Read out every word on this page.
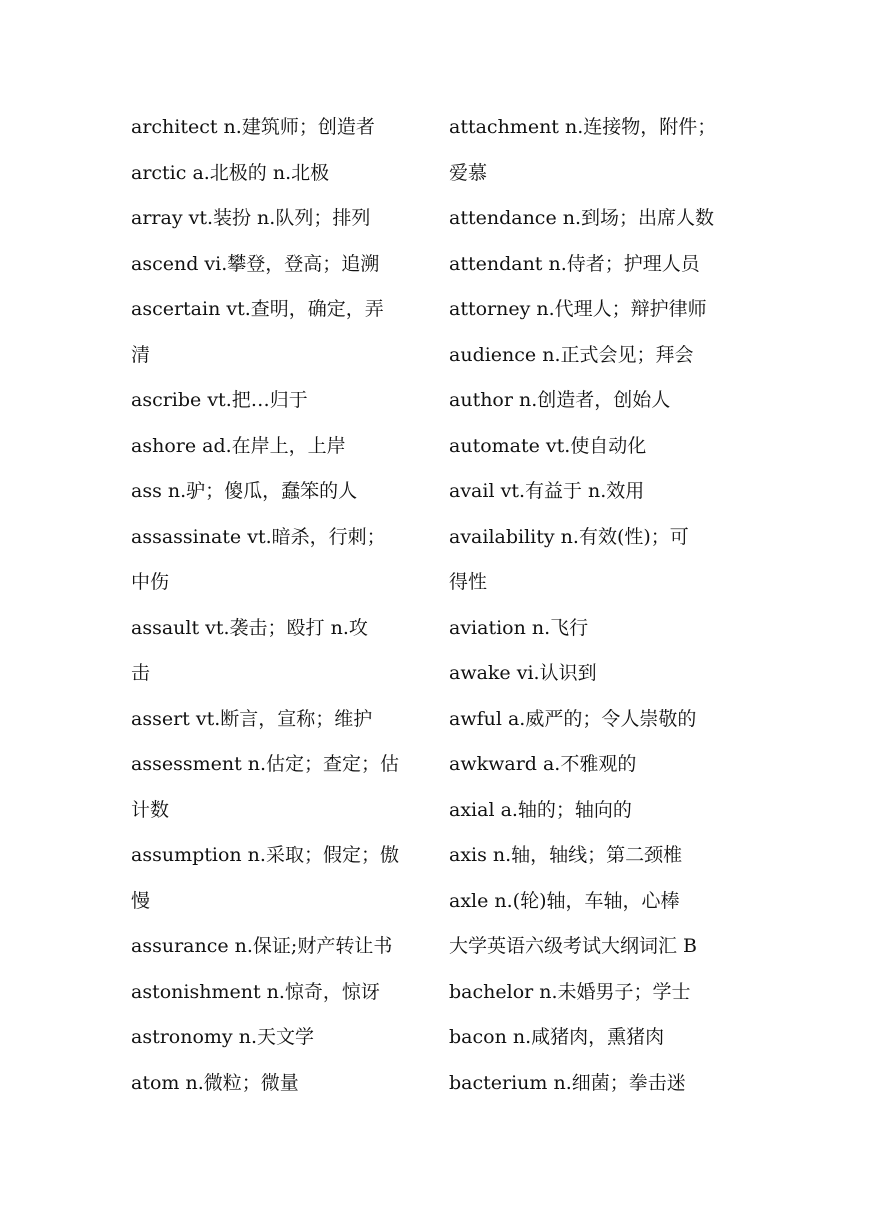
architect n.建筑师；创造者
arctic a.北极的 n.北极
array vt.装扮 n.队列；排列
ascend vi.攀登，登高；追溯
ascertain vt.查明，确定，弄
清
ascribe vt.把…归于
ashore ad.在岸上，上岸
ass n.驴；傻瓜，蠢笨的人
assassinate vt.暗杀，行刺；
中伤
assault vt.袭击；殴打 n.攻
击
assert vt.断言，宣称；维护
assessment n.估定；查定；估
计数
assumption n.采取；假定；傲
慢
assurance n.保证;财产转让书
astonishment n.惊奇，惊讶
astronomy n.天文学
atom n.微粒；微量
attachment n.连接物，附件；
爱慕
attendance n.到场；出席人数
attendant n.侍者；护理人员
attorney n.代理人；辩护律师
audience n.正式会见；拜会
author n.创造者，创始人
automate vt.使自动化
avail vt.有益于 n.效用
availability n.有效(性)；可
得性
aviation n.飞行
awake vi.认识到
awful a.威严的；令人崇敬的
awkward a.不雅观的
axial a.轴的；轴向的
axis n.轴，轴线；第二颈椎
axle n.(轮)轴，车轴，心棒
大学英语六级考试大纲词汇 B
bachelor n.未婚男子；学士
bacon n.咸猪肉，熏猪肉
bacterium n.细菌；拳击迷
